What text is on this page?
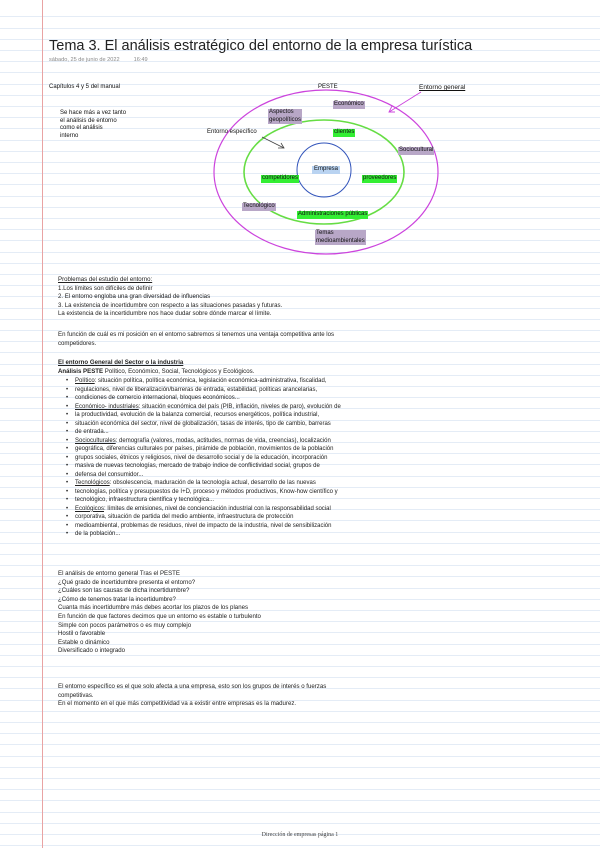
Tema 3. El análisis estratégico del entorno de la empresa turística
sábado, 25 de junio de 2022	16:49
Capítulos 4 y 5 del manual	PESTE	Entorno general
Se hace más a vez tanto
el análisis de entorno
como el análisis
interno
Entorno específico
Aspectos
geopolíticos
Económico
clientes
Sociocultural
Empresa
competidores	proveedores
Tecnológico
Administraciones públicas
Temas
medioambientales

Problemas del estudio del entorno:

1.Los límites son difíciles de definir

2. El entorno engloba una gran diversidad de influencias

3. La existencia de incertidumbre con respecto a las situaciones pasadas y futuras.

La existencia de la incertidumbre nos hace dudar sobre dónde marcar el límite.

En función de cuál es mi posición en el entorno sabremos si tenemos una ventaja competitiva ante los

competidores.

El entorno General del Sector o la industria

Análisis PESTE Político, Económico, Social, Tecnológicos y Ecológicos.

• Político: situación política, política económica, legislación económica-administrativa, fiscalidad,
• regulaciones, nivel de liberalización/barreras de entrada, estabilidad, políticas arancelarias,
• condiciones de comercio internacional, bloques económicos...
• Económico- industriales: situación económica del país (PIB, inflación, niveles de paro), evolución de
• la productividad, evolución de la balanza comercial, recursos energéticos, política industrial,
• situación económica del sector, nivel de globalización, tasas de interés, tipo de cambio, barreras
• de entrada...
• Socioculturales: demografía (valores, modas, actitudes, normas de vida, creencias), localización
• geográfica, diferencias culturales por países, pirámide de población, movimientos de la población
• grupos sociales, étnicos y religiosos, nivel de desarrollo social y de la educación, incorporación
• masiva de nuevas tecnologías, mercado de trabajo índice de conflictividad social, grupos de
• defensa del consumidor...
• Tecnológicos: obsolescencia, maduración de la tecnología actual, desarrollo de las nuevas
• tecnologías, política y presupuestos de I+D, proceso y métodos productivos, Know-how científico y
• tecnológico, infraestructura científica y tecnológica...
• Ecológicos: límites de emisiones, nivel de concienciación industrial con la responsabilidad social
• corporativa, situación de partida del medio ambiente, infraestructura de protección
• medioambiental, problemas de residuos, nivel de impacto de la industria, nivel de sensibilización
• de la población...

El análisis de entorno general Tras el PESTE

¿Qué grado de incertidumbre presenta el entorno?

¿Cuáles son las causas de dicha incertidumbre?

¿Cómo de tenemos tratar la incertidumbre?

Cuanta más incertidumbre más debes acortar los plazos de los planes

En función de que factores decimos que un entorno es estable o turbulento

Simple con pocos parámetros o es muy complejo

Hostil o favorable

Estable o dinámico

Diversificado o integrado

El entorno específico es el que solo afecta a una empresa, esto son los grupos de interés o fuerzas

competitivas.

En el momento en el que más competitividad va a existir entre empresas es la madurez.

Dirección de empresas página 1
